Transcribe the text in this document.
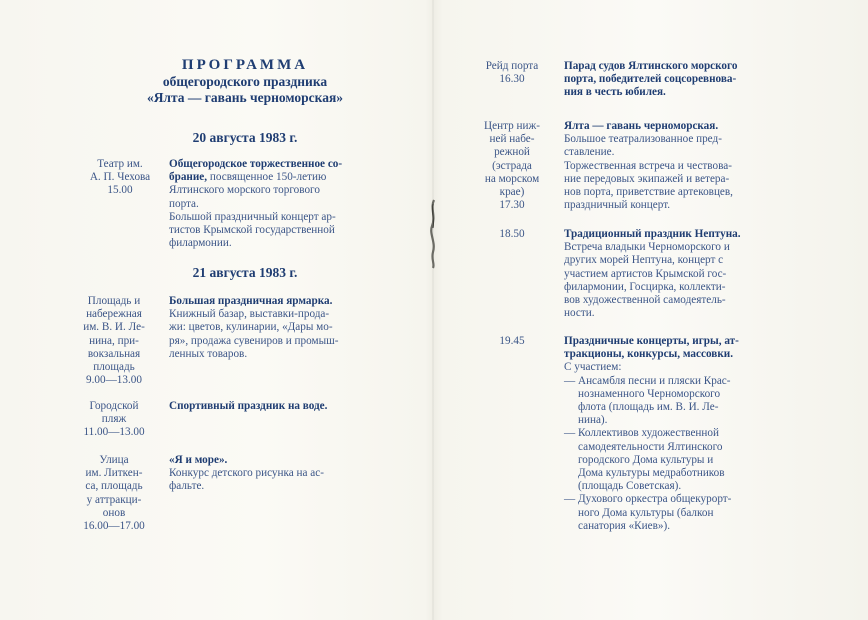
ПРОГРАММА
общегородского праздника
«Ялта — гавань черноморская»
20 августа 1983 г.
21 августа 1983 г.
Театр им.
А. П. Чехова
15.00
Общегородское торжественное со-
брание, посвященное 150-летию
Ялтинского морского торгового
порта.
Большой праздничный концерт ар-
тистов Крымской государственной
филармонии.
Площадь и
набережная
им. В. И. Ле-
нина, при-
вокзальная
площадь
9.00—13.00
Большая праздничная ярмарка.
Книжный базар, выставки-прода-
жи: цветов, кулинарии, «Дары мо-
ря», продажа сувениров и промыш-
ленных товаров.
Городской
пляж
11.00—13.00
Спортивный праздник на воде.
Улица
им. Литкен-
са, площадь
у аттракци-
онов
16.00—17.00
«Я и море».
Конкурс детского рисунка на ас-
фальте.
Рейд порта
16.30
Парад судов Ялтинского морского
порта, победителей соцсоревнова-
ния в честь юбилея.
Центр ниж-
ней набе-
режной
(эстрада
на морском
крае)
17.30
Ялта — гавань черноморская.
Большое театрализованное пред-
ставление.
Торжественная встреча и чествова-
ние передовых экипажей и ветера-
нов порта, приветствие артековцев,
праздничный концерт.
18.50	Традиционный праздник Нептуна.
Встреча владыки Черноморского и
других морей Нептуна, концерт с
участием артистов Крымской гос-
филармонии, Госцирка, коллекти-
вов художественной самодеятель-
ности.
19.45	Праздничные концерты, игры, ат-
тракционы, конкурсы, массовки.
С участием:
— Ансамбля песни и пляски Крас-
нознаменного Черноморского
флота (площадь им. В. И. Ле-
нина).
— Коллективов художественной
самодеятельности Ялтинского
городского Дома культуры и
Дома культуры медработников
(площадь Советская).
— Духового оркестра общекурорт-
ного Дома культуры (балкон
санатория «Киев»).
